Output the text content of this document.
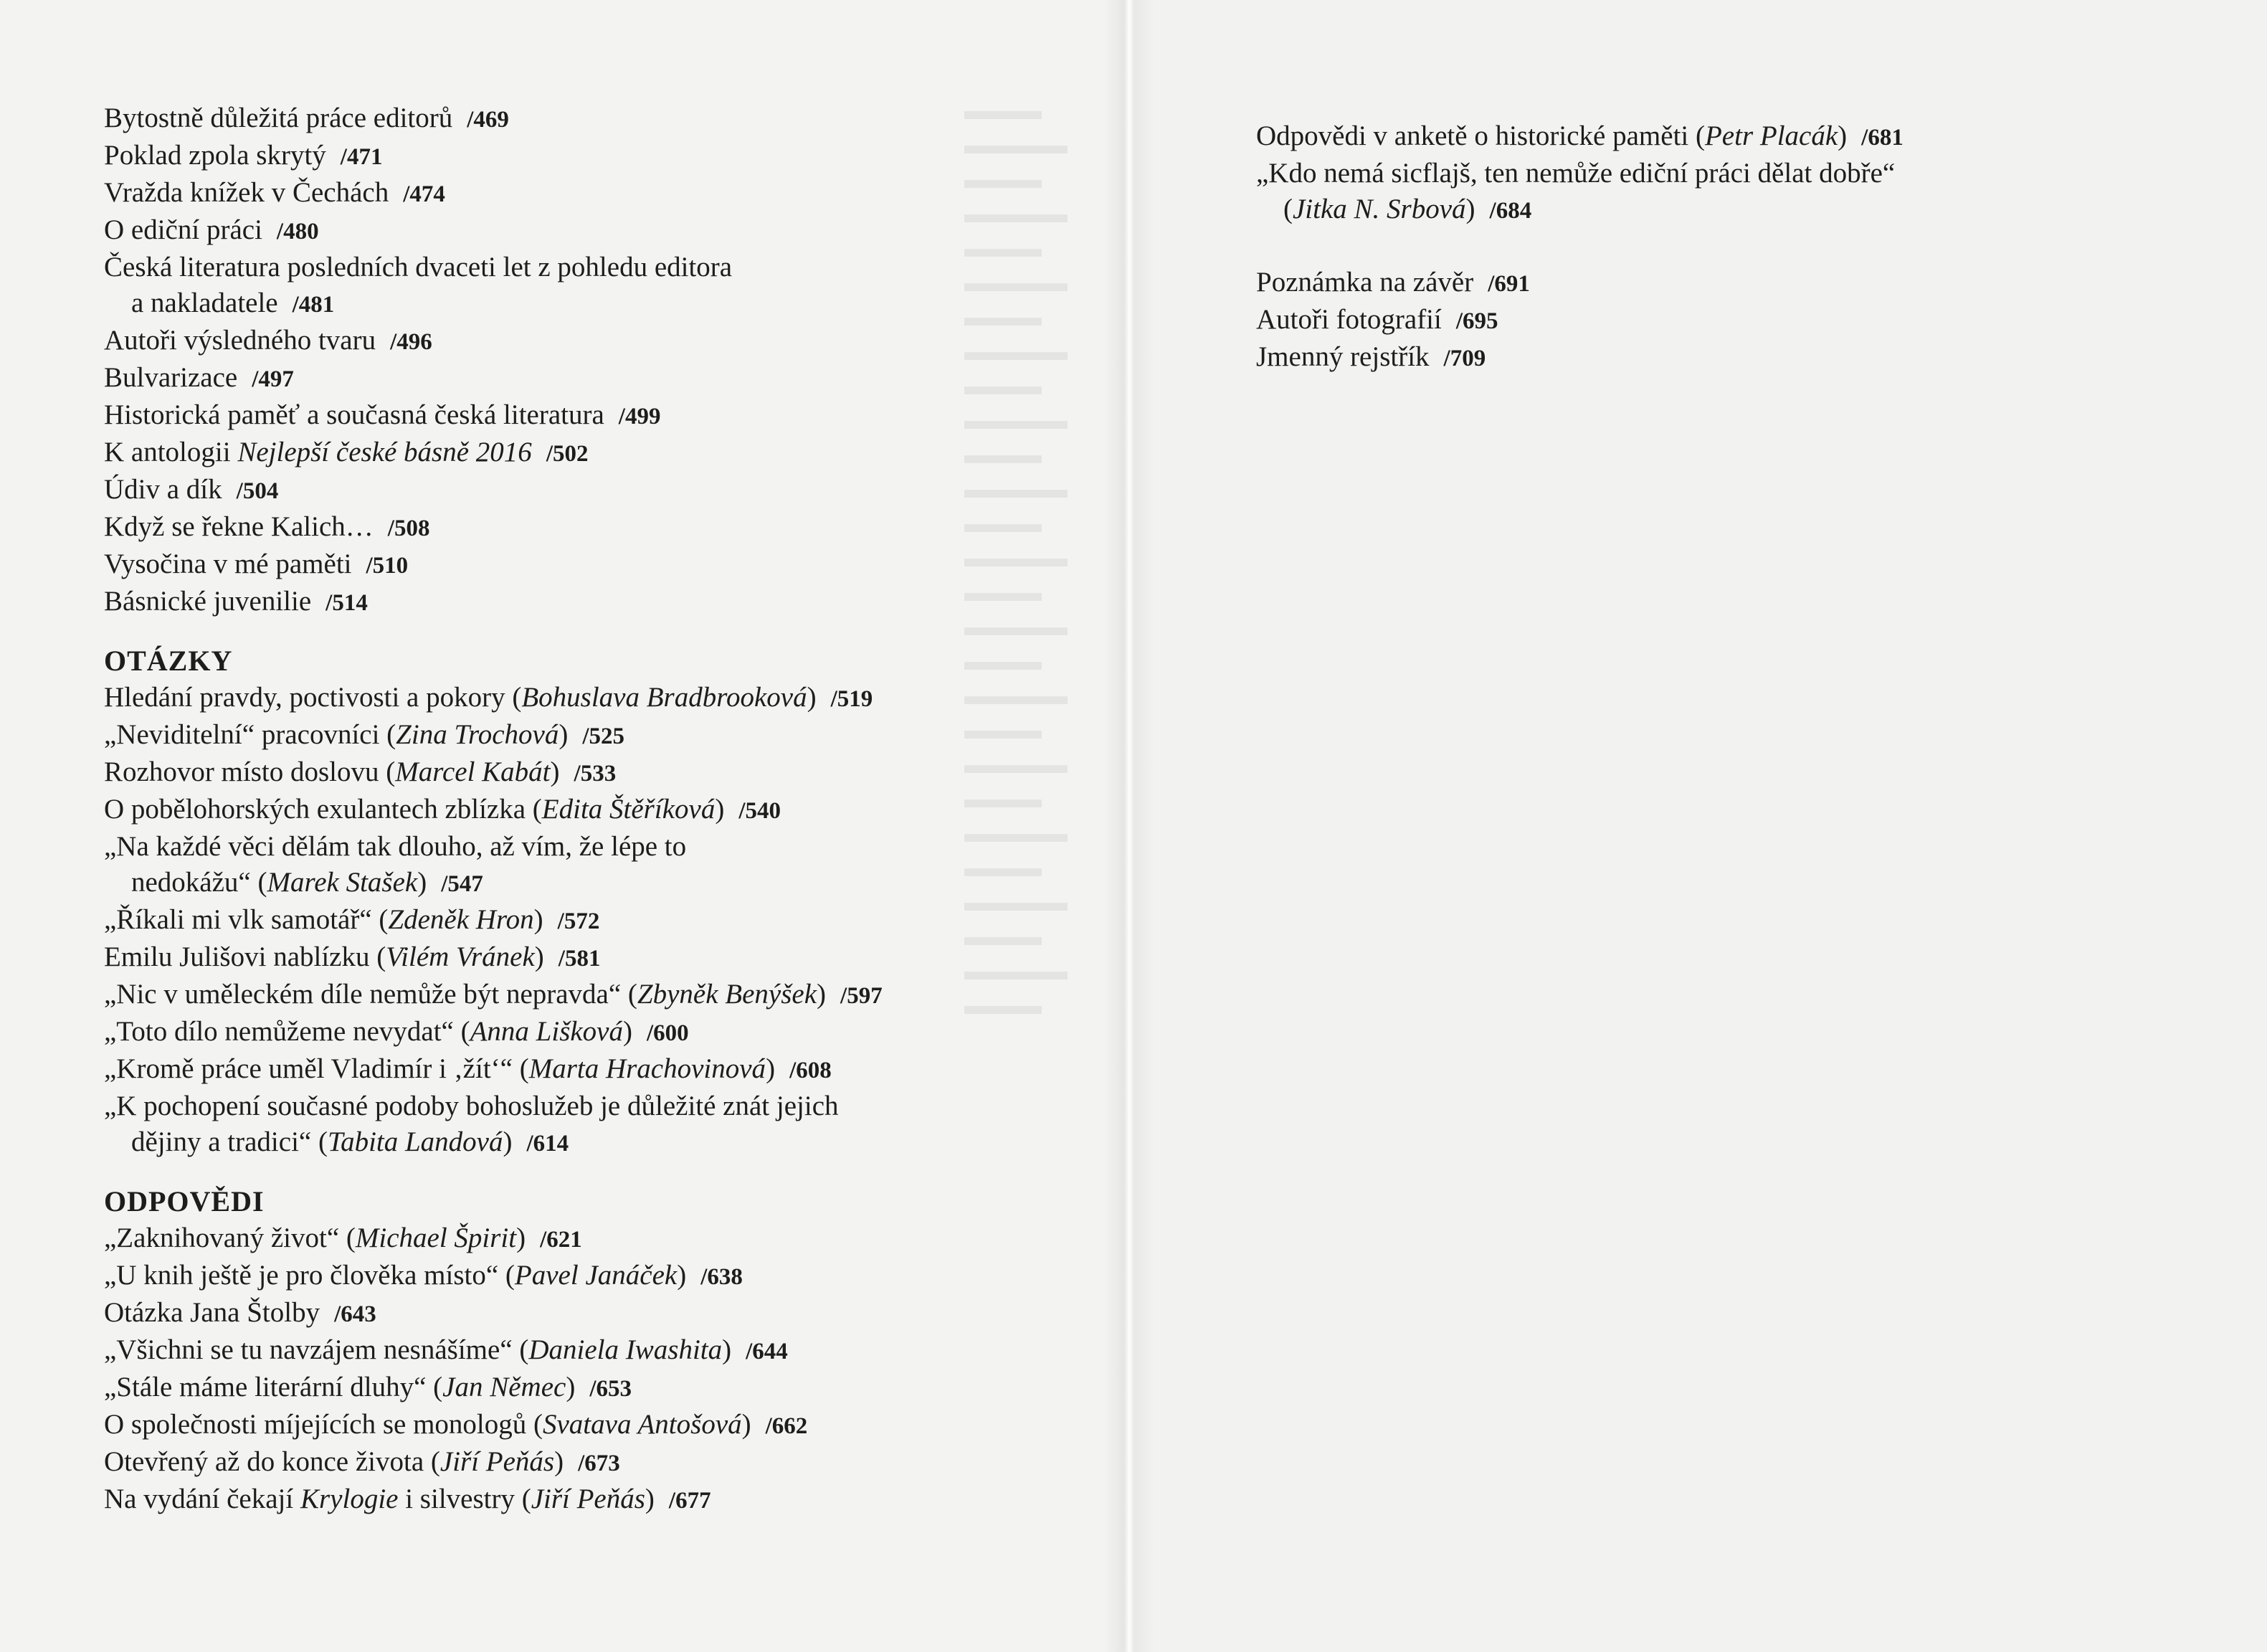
▬▬▬
▬▬▬▬
▬▬▬
▬▬▬▬
▬▬▬
▬▬▬▬
▬▬▬
▬▬▬▬
▬▬▬
▬▬▬▬
▬▬▬
▬▬▬▬
▬▬▬
▬▬▬▬
▬▬▬
▬▬▬▬
▬▬▬
▬▬▬▬
▬▬▬
▬▬▬▬
▬▬▬
▬▬▬▬
▬▬▬
▬▬▬▬
▬▬▬
▬▬▬▬
▬▬▬
Bytostně důležitá práce editorů /469
Poklad zpola skrytý /471
Vražda knížek v Čechách /474
O ediční práci /480
Česká literatura posledních dvaceti let z pohledu editora
a nakladatele /481
Autoři výsledného tvaru /496
Bulvarizace /497
Historická paměť a současná česká literatura /499
K antologii Nejlepší české básně 2016 /502
Údiv a dík /504
Když se řekne Kalich… /508
Vysočina v mé paměti /510
Básnické juvenilie /514
OTÁZKY
Hledání pravdy, poctivosti a pokory (Bohuslava Bradbrooková) /519
„Neviditelní“ pracovníci (Zina Trochová) /525
Rozhovor místo doslovu (Marcel Kabát) /533
O pobělohorských exulantech zblízka (Edita Štěříková) /540
„Na každé věci dělám tak dlouho, až vím, že lépe to
nedokážu“ (Marek Stašek) /547
„Říkali mi vlk samotář“ (Zdeněk Hron) /572
Emilu Julišovi nablízku (Vilém Vránek) /581
„Nic v uměleckém díle nemůže být nepravda“ (Zbyněk Benýšek) /597
„Toto dílo nemůžeme nevydat“ (Anna Lišková) /600
„Kromě práce uměl Vladimír i ‚žít‘“ (Marta Hrachovinová) /608
„K pochopení současné podoby bohoslužeb je důležité znát jejich
dějiny a tradici“ (Tabita Landová) /614
ODPOVĚDI
„Zaknihovaný život“ (Michael Špirit) /621
„U knih ještě je pro člověka místo“ (Pavel Janáček) /638
Otázka Jana Štolby /643
„Všichni se tu navzájem nesnášíme“ (Daniela Iwashita) /644
„Stále máme literární dluhy“ (Jan Němec) /653
O společnosti míjejících se monologů (Svatava Antošová) /662
Otevřený až do konce života (Jiří Peňás) /673
Na vydání čekají Krylogie i silvestry (Jiří Peňás) /677
Odpovědi v anketě o historické paměti (Petr Placák) /681
„Kdo nemá sicflajš, ten nemůže ediční práci dělat dobře“
(Jitka N. Srbová) /684
Poznámka na závěr /691
Autoři fotografií /695
Jmenný rejstřík /709
